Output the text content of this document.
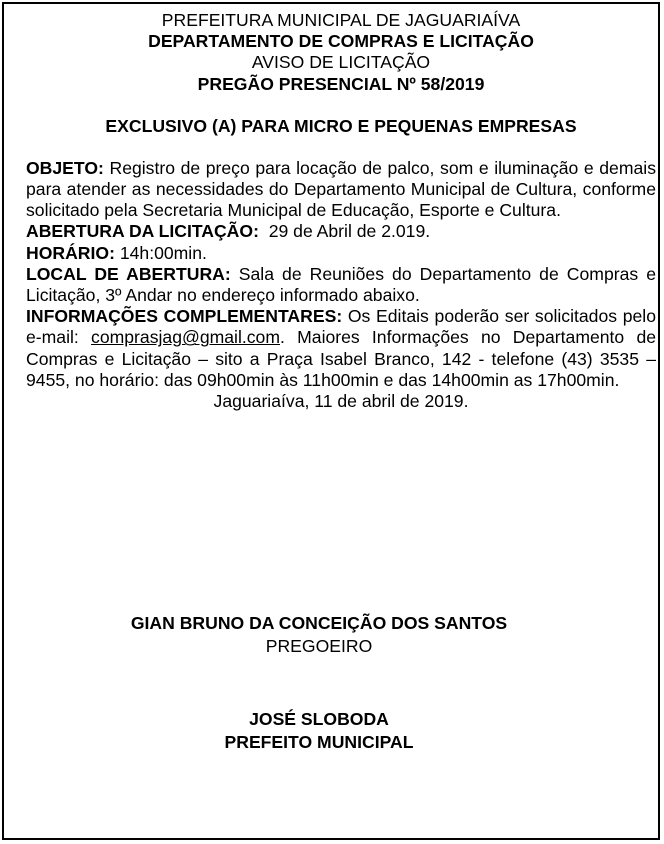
PREFEITURA MUNICIPAL DE JAGUARIAÍVA
DEPARTAMENTO DE COMPRAS E LICITAÇÃO
AVISO DE LICITAÇÃO
PREGÃO PRESENCIAL Nº 58/2019
EXCLUSIVO (A) PARA MICRO E PEQUENAS EMPRESAS
OBJETO: Registro de preço para locação de palco, som e iluminação e demais para atender as necessidades do Departamento Municipal de Cultura, conforme solicitado pela Secretaria Municipal de Educação, Esporte e Cultura.
ABERTURA DA LICITAÇÃO: 29 de Abril de 2.019.
HORÁRIO: 14h:00min.
LOCAL DE ABERTURA: Sala de Reuniões do Departamento de Compras e Licitação, 3º Andar no endereço informado abaixo.
INFORMAÇÕES COMPLEMENTARES: Os Editais poderão ser solicitados pelo e-mail: comprasjag@gmail.com. Maiores Informações no Departamento de Compras e Licitação – sito a Praça Isabel Branco, 142 - telefone (43) 3535 – 9455, no horário: das 09h00min às 11h00min e das 14h00min as 17h00min.
Jaguariaíva, 11 de abril de 2019.
GIAN BRUNO DA CONCEIÇÃO DOS SANTOS
PREGOEIRO
JOSÉ SLOBODA
PREFEITO MUNICIPAL
